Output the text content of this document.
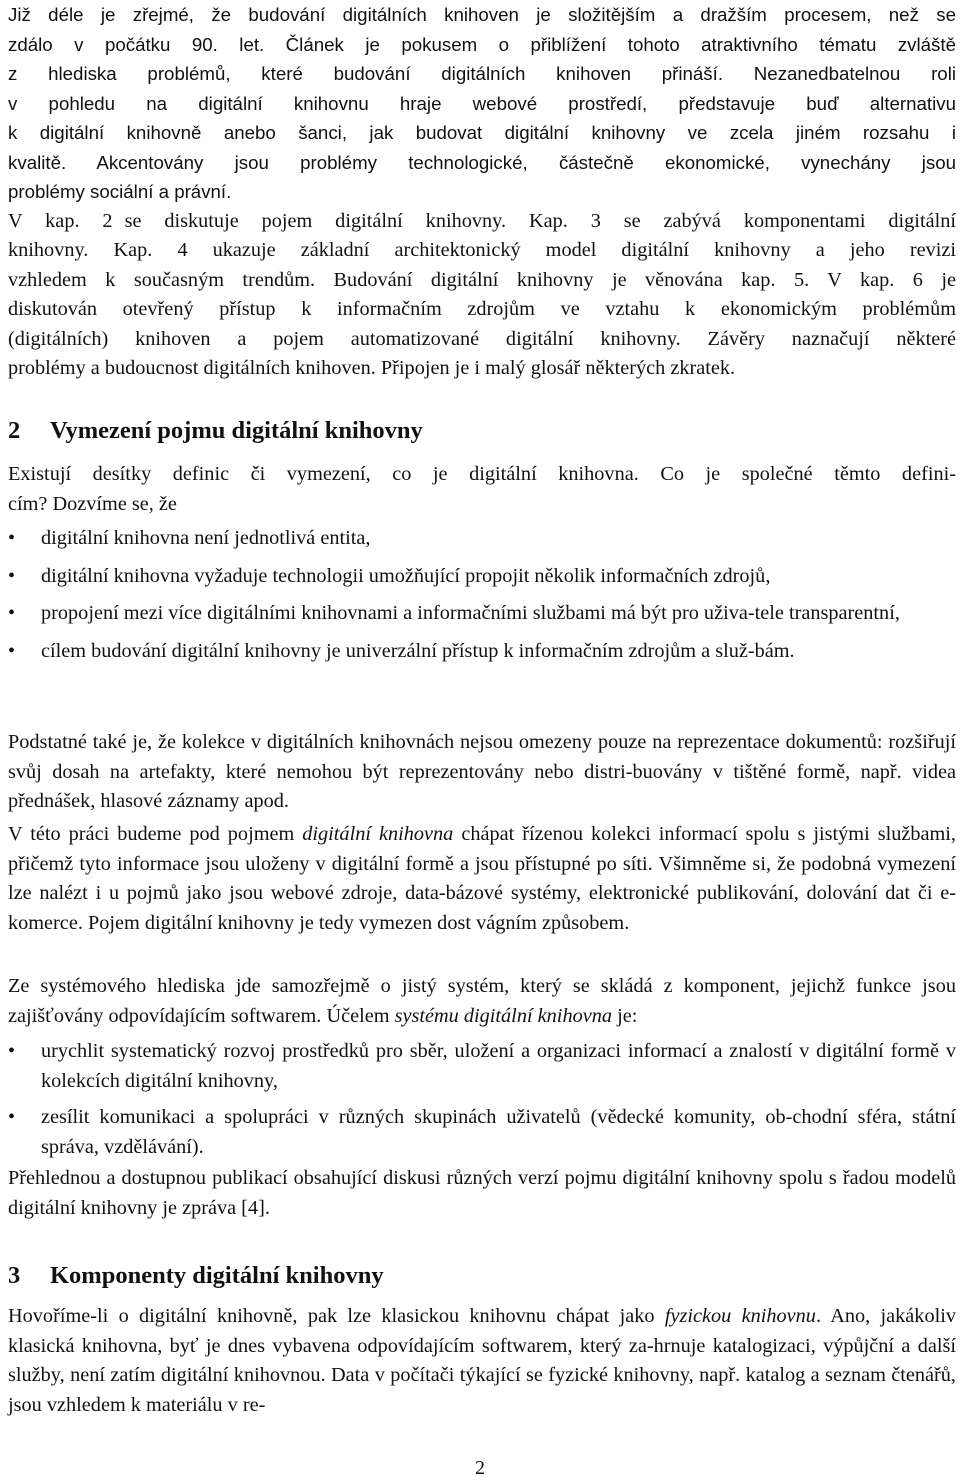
Již déle je zřejmé, že budování digitálních knihoven je složitějším a dražším procesem, než se
zdálo v počátku 90. let. Článek je pokusem o přiblížení tohoto atraktivního tématu zvláště
z hlediska problémů, které budování digitálních knihoven přináší. Nezanedbatelnou roli
v pohledu na digitální knihovnu hraje webové prostředí, představuje buď alternativu
k digitální knihovně anebo šanci, jak budovat digitální knihovny ve zcela jiném rozsahu i
kvalitě. Akcentovány jsou problémy technologické, částečně ekonomické, vynechány jsou
problémy sociální a právní.
V kap. 2 se diskutuje pojem digitální knihovny. Kap. 3 se zabývá komponentami digitální
knihovny. Kap. 4 ukazuje základní architektonický model digitální knihovny a jeho revizi
vzhledem k současným trendům. Budování digitální knihovny je věnována kap. 5. V kap. 6 je
diskutován otevřený přístup k informačním zdrojům ve vztahu k ekonomickým problémům
(digitálních) knihoven a pojem automatizované digitální knihovny. Závěry naznačují některé
problémy a budoucnost digitálních knihoven. Připojen je i malý glosář některých zkratek.
2 Vymezení pojmu digitální knihovny
Existují desítky definic či vymezení, co je digitální knihovna. Co je společné těmto defini-
cím? Dozvíme se, že
• digitální knihovna není jednotlivá entita,
• digitální knihovna vyžaduje technologii umožňující propojit několik informačních zdrojů,
• propojení mezi více digitálními knihovnami a informačními službami má být pro uživa-tele transparentní,
• cílem budování digitální knihovny je univerzální přístup k informačním zdrojům a služ-bám.

Podstatné také je, že kolekce v digitálních knihovnách nejsou omezeny pouze na reprezentace dokumentů: rozšiřují svůj dosah na artefakty, které nemohou být reprezentovány nebo distri-buovány v tištěné formě, např. videa přednášek, hlasové záznamy apod.

V této práci budeme pod pojmem digitální knihovna chápat řízenou kolekci informací spolu s jistými službami, přičemž tyto informace jsou uloženy v digitální formě a jsou přístupné po síti. Všimněme si, že podobná vymezení lze nalézt i u pojmů jako jsou webové zdroje, data-bázové systémy, elektronické publikování, dolování dat či e-komerce. Pojem digitální knihovny je tedy vymezen dost vágním způsobem.

Ze systémového hlediska jde samozřejmě o jistý systém, který se skládá z komponent, jejichž funkce jsou zajišťovány odpovídajícím softwarem. Účelem systému digitální knihovna je:

• urychlit systematický rozvoj prostředků pro sběr, uložení a organizaci informací a znalostí v digitální formě v kolekcích digitální knihovny,
• zesílit komunikaci a spolupráci v různých skupinách uživatelů (vědecké komunity, ob-chodní sféra, státní správa, vzdělávání).

Přehlednou a dostupnou publikací obsahující diskusi různých verzí pojmu digitální knihovny spolu s řadou modelů digitální knihovny je zpráva [4].

3 Komponenty digitální knihovny

Hovoříme-li o digitální knihovně, pak lze klasickou knihovnu chápat jako fyzickou knihovnu. Ano, jakákoliv klasická knihovna, byť je dnes vybavena odpovídajícím softwarem, který za-hrnuje katalogizaci, výpůjční a další služby, není zatím digitální knihovnou. Data v počítači týkající se fyzické knihovny, např. katalog a seznam čtenářů, jsou vzhledem k materiálu v re-

2
